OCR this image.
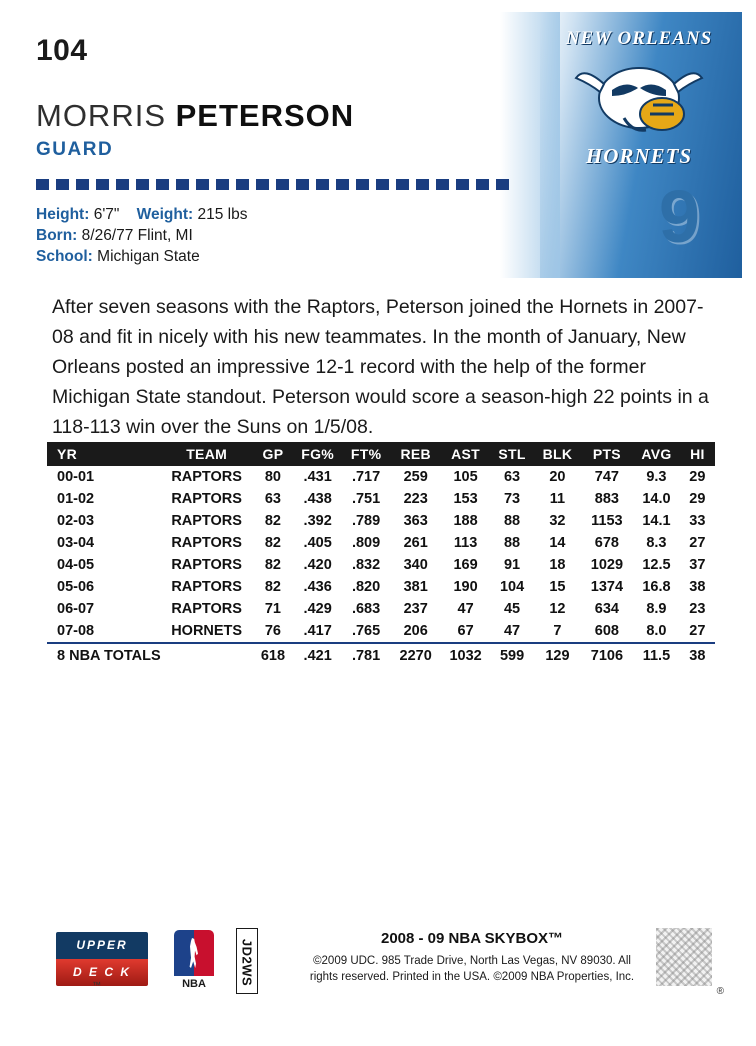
104
MORRIS PETERSON
GUARD
Height: 6'7" Weight: 215 lbs
Born: 8/26/77 Flint, MI
School: Michigan State
NEW ORLEANS
HORNETS
9
After seven seasons with the Raptors, Peterson joined the Hornets in 2007-08 and fit in nicely with his new teammates. In the month of January, New Orleans posted an impressive 12-1 record with the help of the former Michigan State standout. Peterson would score a season-high 22 points in a 118-113 win over the Suns on 1/5/08.
YR	TEAM	GP	FG%	FT%	REB	AST	STL	BLK	PTS	AVG	HI
00-01	RAPTORS	80	.431	.717	259	105	63	20	747	9.3	29
01-02	RAPTORS	63	.438	.751	223	153	73	11	883	14.0	29
02-03	RAPTORS	82	.392	.789	363	188	88	32	1153	14.1	33
03-04	RAPTORS	82	.405	.809	261	113	88	14	678	8.3	27
04-05	RAPTORS	82	.420	.832	340	169	91	18	1029	12.5	37
05-06	RAPTORS	82	.436	.820	381	190	104	15	1374	16.8	38
06-07	RAPTORS	71	.429	.683	237	47	45	12	634	8.9	23
07-08	HORNETS	76	.417	.765	206	67	47	7	608	8.0	27
8 NBA TOTALS		618	.421	.781	2270	1032	599	129	7106	11.5	38
UPPER
D E C K
™	NBA	JD2WS
2008 - 09 NBA SKYBOX™
©2009 UDC. 985 Trade Drive, North Las Vegas, NV 89030. All
rights reserved. Printed in the USA. ©2009 NBA Properties, Inc.
®
